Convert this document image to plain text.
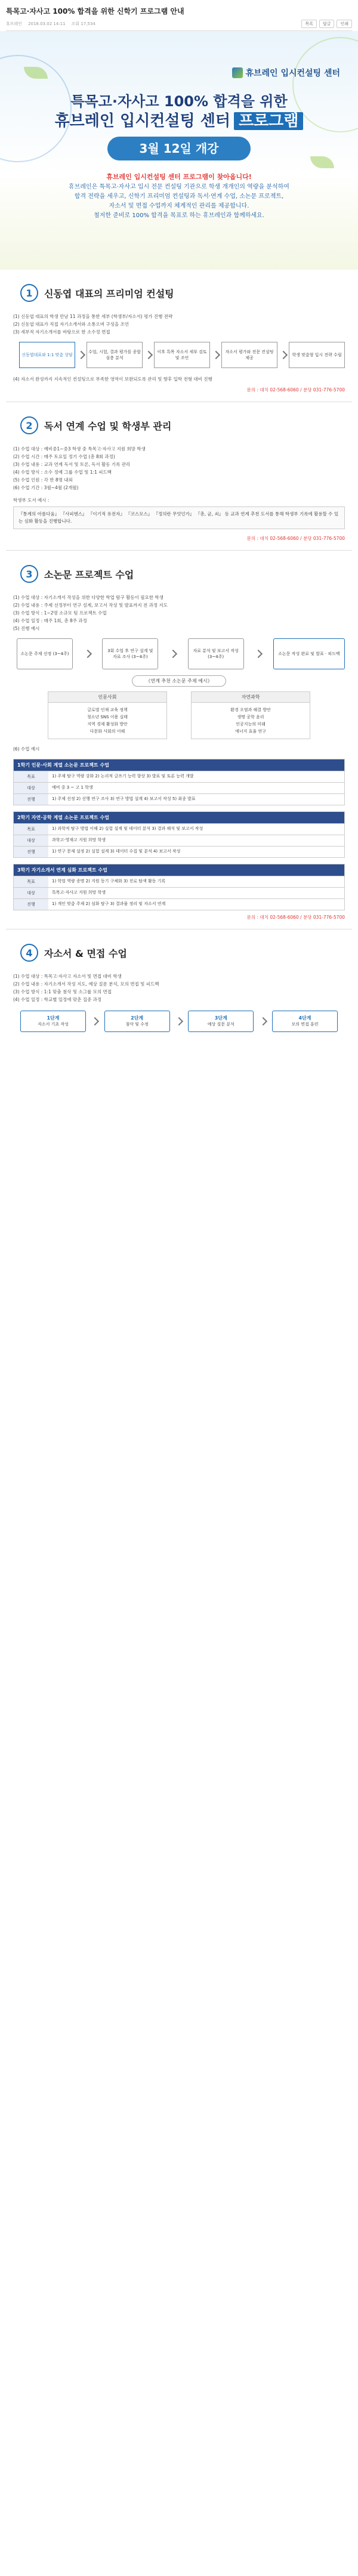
특목고·자사고 100% 합격을 위한 신학기 프로그램 안내
휴브레인 2018.03.02 14:11 조회 17,534	목록	답글	인쇄
휴브레인 입시컨설팅 센터
특목고·자사고 100% 합격을 위한
휴브레인 입시컨설팅 센터 프로그램
3월 12일 개강
휴브레인 입시컨설팅 센터 프로그램이 찾아옵니다!
휴브레인은 특목고·자사고 입시 전문 컨설팅 기관으로 학생 개개인의 역량을 분석하여
합격 전략을 세우고, 신학기 프리미엄 컨설팅과 독서·연계 수업, 소논문 프로젝트,
자소서 및 면접 수업까지 체계적인 관리를 제공합니다.
철저한 준비로 100% 합격을 목표로 하는 휴브레인과 함께하세요.
1	신동엽 대표의 프리미엄 컨설팅
(1) 신동엽 대표의 학생 만남 11 과정을 통한 세부 (학생부/자소서) 평가 진행 전략
(2) 신동엽 대표가 직접 자기소개서와 소통으며 구성을 조언
(3) 세부적 자기소개서를 바탕으로 한 소수정 면접
신동엽대표와 1:1 맞춤 상담
수업, 시험, 결과 평가를 종합 심층 분석
이후 특목 자소서 세부 검토 및 조언
자소서 평가와 전문 컨설팅 제공
학생 맞춤형 입시 전략 수립
(4) 자소서 완성까지 지속적인 컨설팅으로 부족한 영역이 보완되도록 관리 및 향후 입학 전형 대비 진행
문의 : 대치 02-568-6060 / 분당 031-776-5700
2	독서 연계 수업 및 학생부 관리
(1) 수업 대상 : 예비중1~중3 학생 중 특목고·자사고 지원 희망 학생
(2) 수업 시간 : 매주 토요일 정기 수업 (총 8회 과정)
(3) 수업 내용 : 교과 연계 독서 및 토론, 독서 활동 기록 관리
(4) 수업 방식 : 소수 정예 그룹 수업 및 1:1 피드백
(5) 수업 인원 : 각 반 8명 내외
(6) 수업 기간 : 3월~4월 (2개월)
학생부 도서 예시 :
『통계의 아름다움』 『사피엔스』 『이기적 유전자』 『코스모스』 『정의란 무엇인가』 『총, 균, 쇠』 등 교과 연계 추천 도서를 통해 학생부 기록에 활용할 수 있는 심화 활동을 진행합니다.
문의 : 대치 02-568-6060 / 분당 031-776-5700
3	소논문 프로젝트 수업
(1) 수업 대상 : 자기소개서 작성을 위한 다양한 학업 탐구 활동이 필요한 학생
(2) 수업 내용 : 주제 선정부터 연구 설계, 보고서 작성 및 발표까지 전 과정 지도
(3) 수업 방식 : 1~2명 소규모 팀 프로젝트 수업
(4) 수업 일정 : 매주 1회, 총 8주 과정
(5) 진행 예시
소논문 주제 선정 (3~4주)
3회 수업 후 연구 설계 및 자료 조사 (3~4주)
자료 분석 및 보고서 작성 (3~4주)
소논문 작성 완료 및 발표 · 피드백
《연계 추천 소논문 주제 예시》
인문사회
글로벌 인재 교육 정책
청소년 SNS 이용 실태
지역 경제 활성화 방안
다문화 사회의 이해
자연과학
환경 오염과 해결 방안
생명 공학 윤리
인공지능의 미래
에너지 효율 연구
(6) 수업 예시
1학기 인문·사회 계열 소논문 프로젝트 수업
목표	1) 주제 탐구 역량 강화 2) 논리적 글쓰기 능력 향상 3) 발표 및 토론 능력 개발
대상	예비 중 3 ~ 고 1 학생
진행	1) 주제 선정 2) 선행 연구 조사 3) 연구 방법 설계 4) 보고서 작성 5) 최종 발표
2학기 자연·공학 계열 소논문 프로젝트 수업
목표	1) 과학적 탐구 방법 이해 2) 실험 설계 및 데이터 분석 3) 결과 해석 및 보고서 작성
대상	과학고·영재고 지원 희망 학생
진행	1) 연구 문제 설정 2) 실험 설계 3) 데이터 수집 및 분석 4) 보고서 작성
3학기 자기소개서 연계 심화 프로젝트 수업
목표	1) 학업 역량 증명 2) 지원 동기 구체화 3) 진로 탐색 활동 기록
대상	특목고·자사고 지원 희망 학생
진행	1) 개인 맞춤 주제 2) 심화 탐구 3) 결과물 정리 및 자소서 연계
문의 : 대치 02-568-6060 / 분당 031-776-5700
4	자소서 & 면접 수업
(1) 수업 대상 : 특목고·자사고 자소서 및 면접 대비 학생
(2) 수업 내용 : 자기소개서 작성 지도, 예상 질문 분석, 모의 면접 및 피드백
(3) 수업 방식 : 1:1 맞춤 첨삭 및 소그룹 모의 면접
(4) 수업 일정 : 학교별 일정에 맞춘 집중 과정
1단계
자소서 기초 작성
2단계
첨삭 및 수정
3단계
예상 질문 분석
4단계
모의 면접 훈련
